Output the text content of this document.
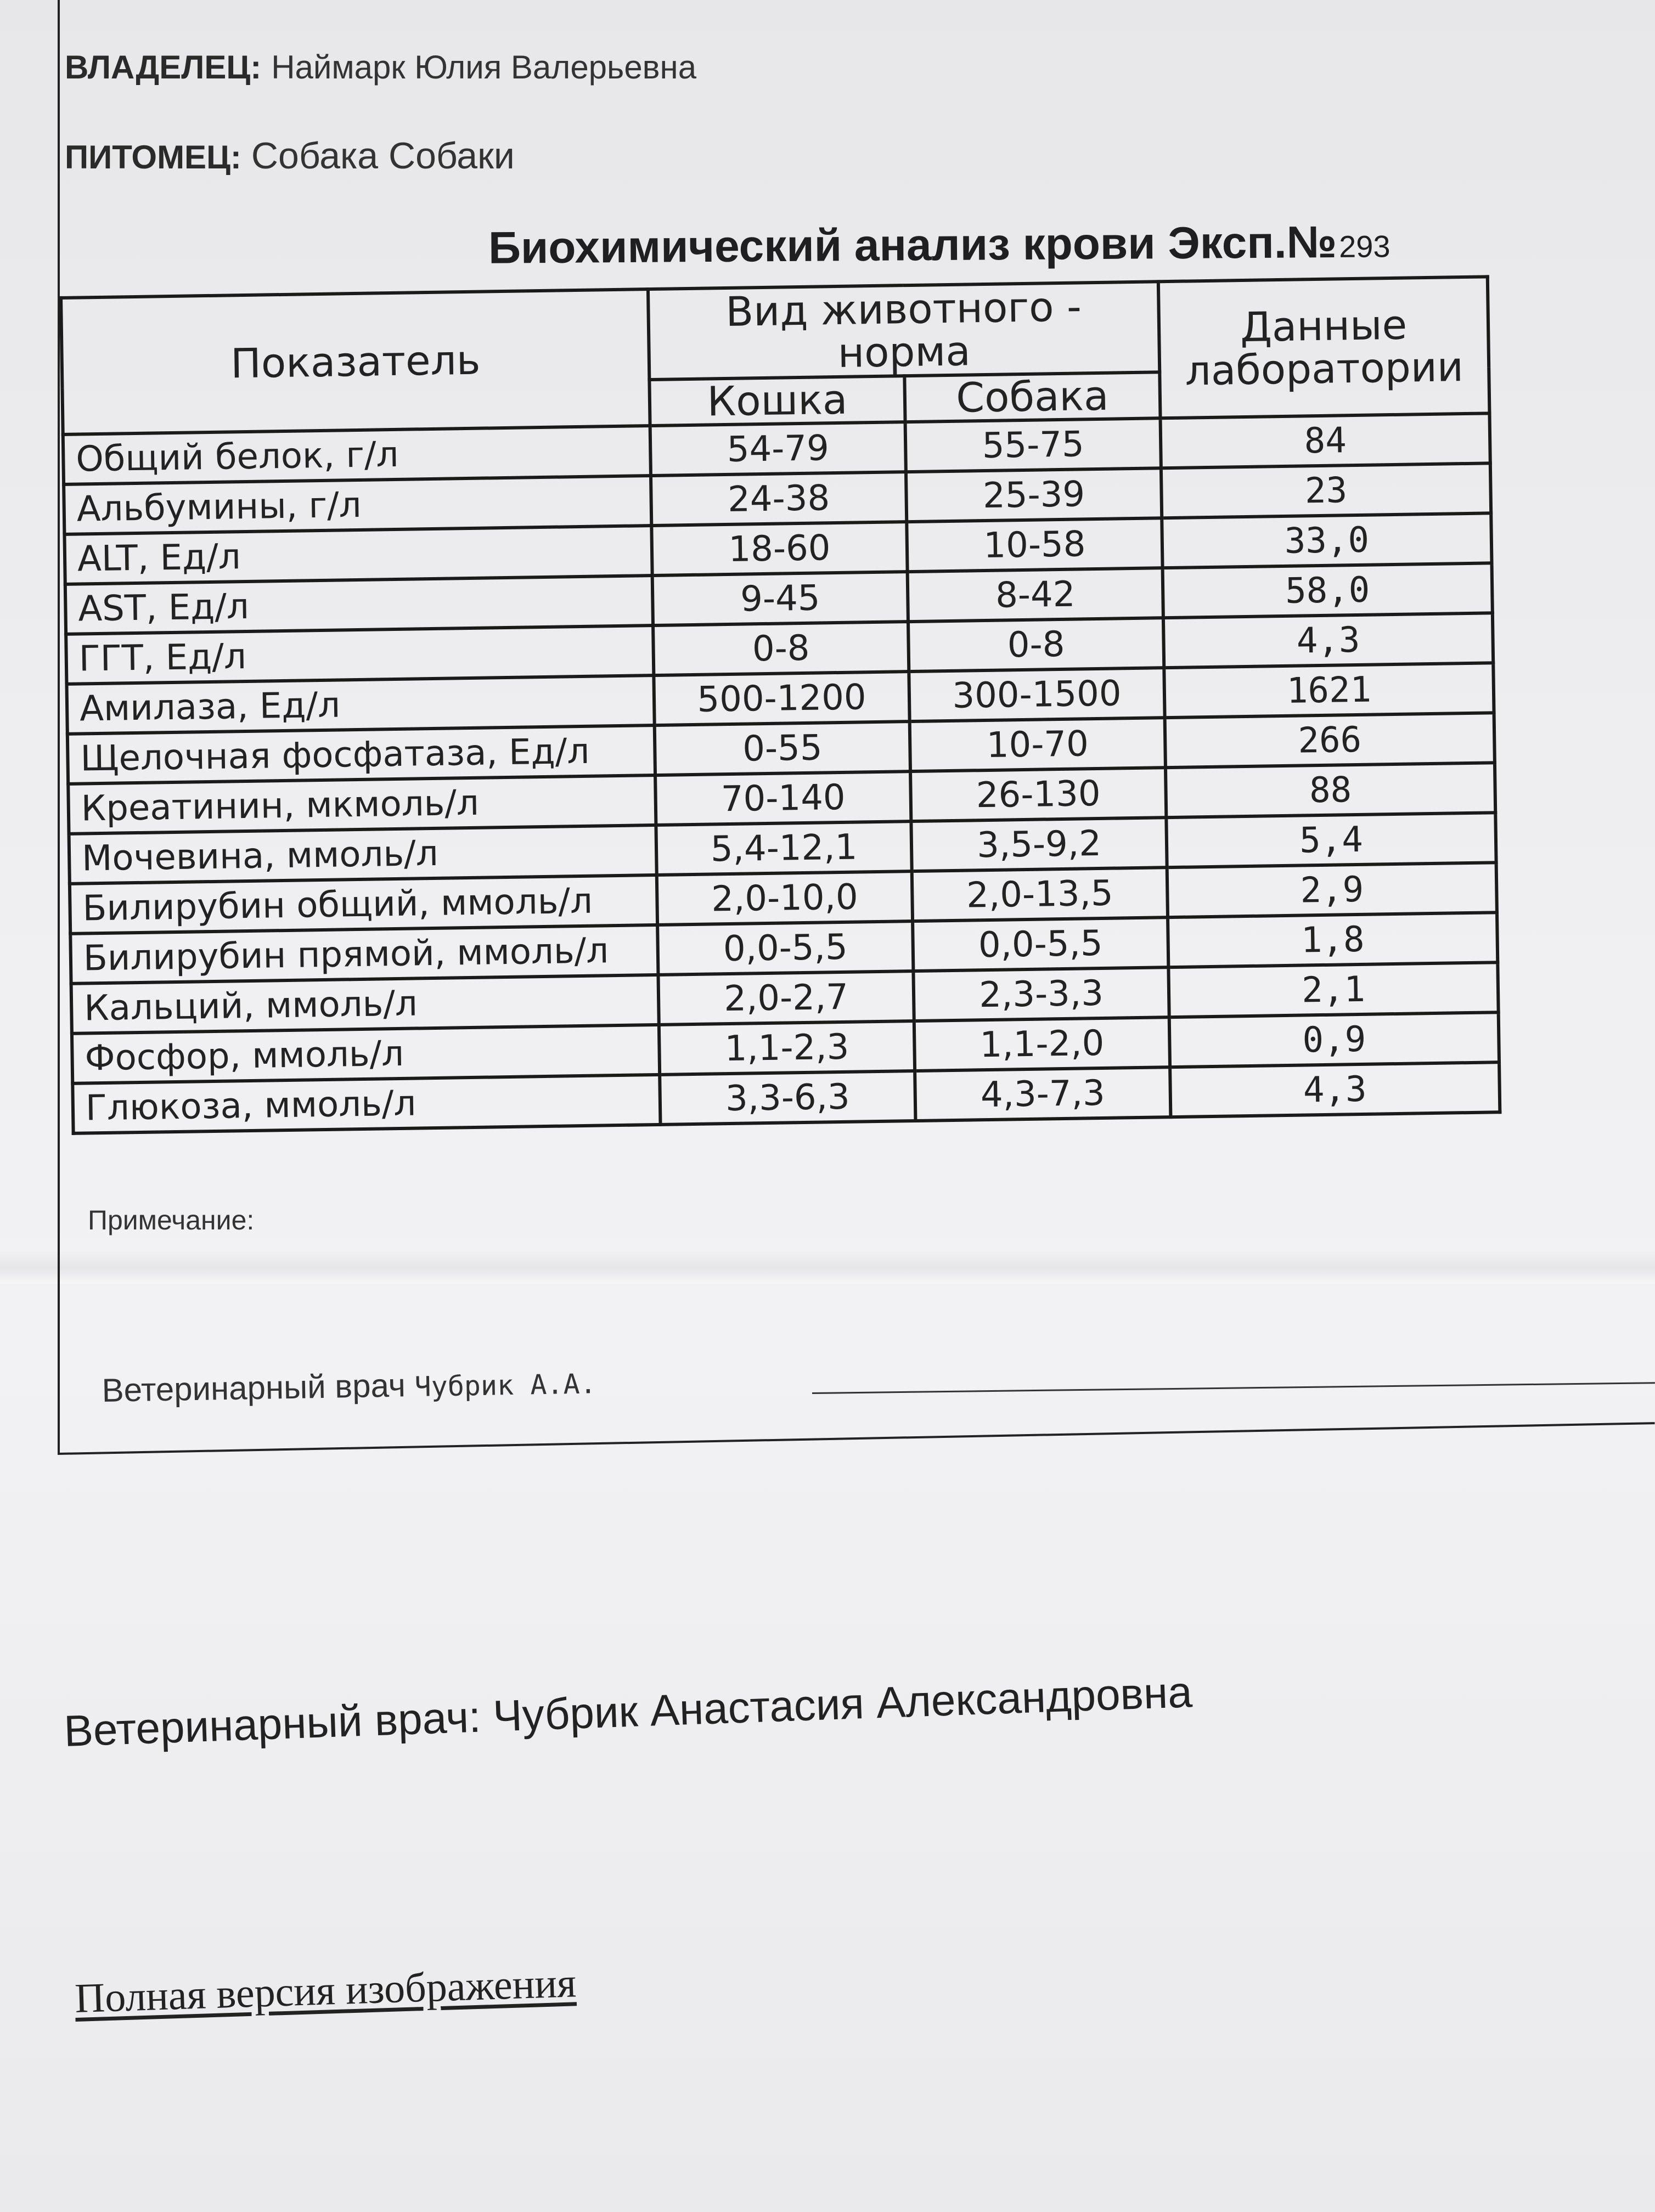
ВЛАДЕЛЕЦ: Наймарк Юлия Валерьевна
ПИТОМЕЦ: Собака Собаки
Биохимический анализ крови Эксп.№293
Показатель	Вид животного - норма		Данные лаборатории
	Кошка	Собака	
Общий белок, г/л	54-79	55-75	84
Альбумины, г/л	24-38	25-39	23
ALT, Ед/л	18-60	10-58	33,0
AST, Ед/л	9-45	8-42	58,0
ГГТ, Ед/л	0-8	0-8	4,3
Амилаза, Ед/л	500-1200	300-1500	1621
Щелочная фосфатаза, Ед/л	0-55	10-70	266
Креатинин, мкмоль/л	70-140	26-130	88
Мочевина, ммоль/л	5,4-12,1	3,5-9,2	5,4
Билирубин общий, ммоль/л	2,0-10,0	2,0-13,5	2,9
Билирубин прямой, ммоль/л	0,0-5,5	0,0-5,5	1,8
Кальций, ммоль/л	2,0-2,7	2,3-3,3	2,1
Фосфор, ммоль/л	1,1-2,3	1,1-2,0	0,9
Глюкоза, ммоль/л	3,3-6,3	4,3-7,3	4,3
Примечание:
Ветеринарный врач Чубрик А.А.
Ветеринарный врач: Чубрик Анастасия Александровна
Полная версия изображения
